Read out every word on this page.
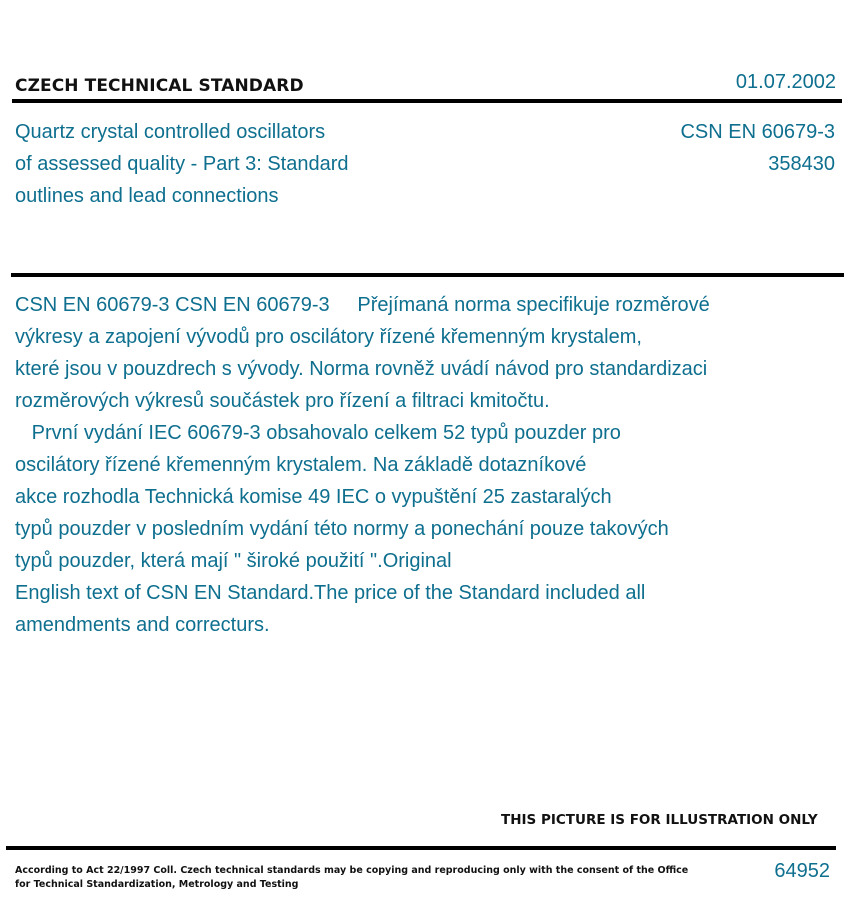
CZECH TECHNICAL STANDARD	01.07.2002
Quartz crystal controlled oscillators
of assessed quality - Part 3: Standard
outlines and lead connections
CSN EN 60679-3
358430
CSN EN 60679-3 CSN EN 60679-3     Přejímaná norma specifikuje rozměrové
výkresy a zapojení vývodů pro oscilátory řízené křemenným krystalem,
které jsou v pouzdrech s vývody. Norma rovněž uvádí návod pro standardizaci
rozměrových výkresů součástek pro řízení a filtraci kmitočtu.
První vydání IEC 60679-3 obsahovalo celkem 52 typů pouzder pro
oscilátory řízené křemenným krystalem. Na základě dotazníkové
akce rozhodla Technická komise 49 IEC o vypuštění 25 zastaralých
typů pouzder v posledním vydání této normy a ponechání pouze takových
typů pouzder, která mají " široké použití ".Original
English text of CSN EN Standard.The price of the Standard included all
amendments and correcturs.
THIS PICTURE IS FOR ILLUSTRATION ONLY
According to Act 22/1997 Coll. Czech technical standards may be copying and reproducing only with the consent of the Office
for Technical Standardization, Metrology and Testing
64952
